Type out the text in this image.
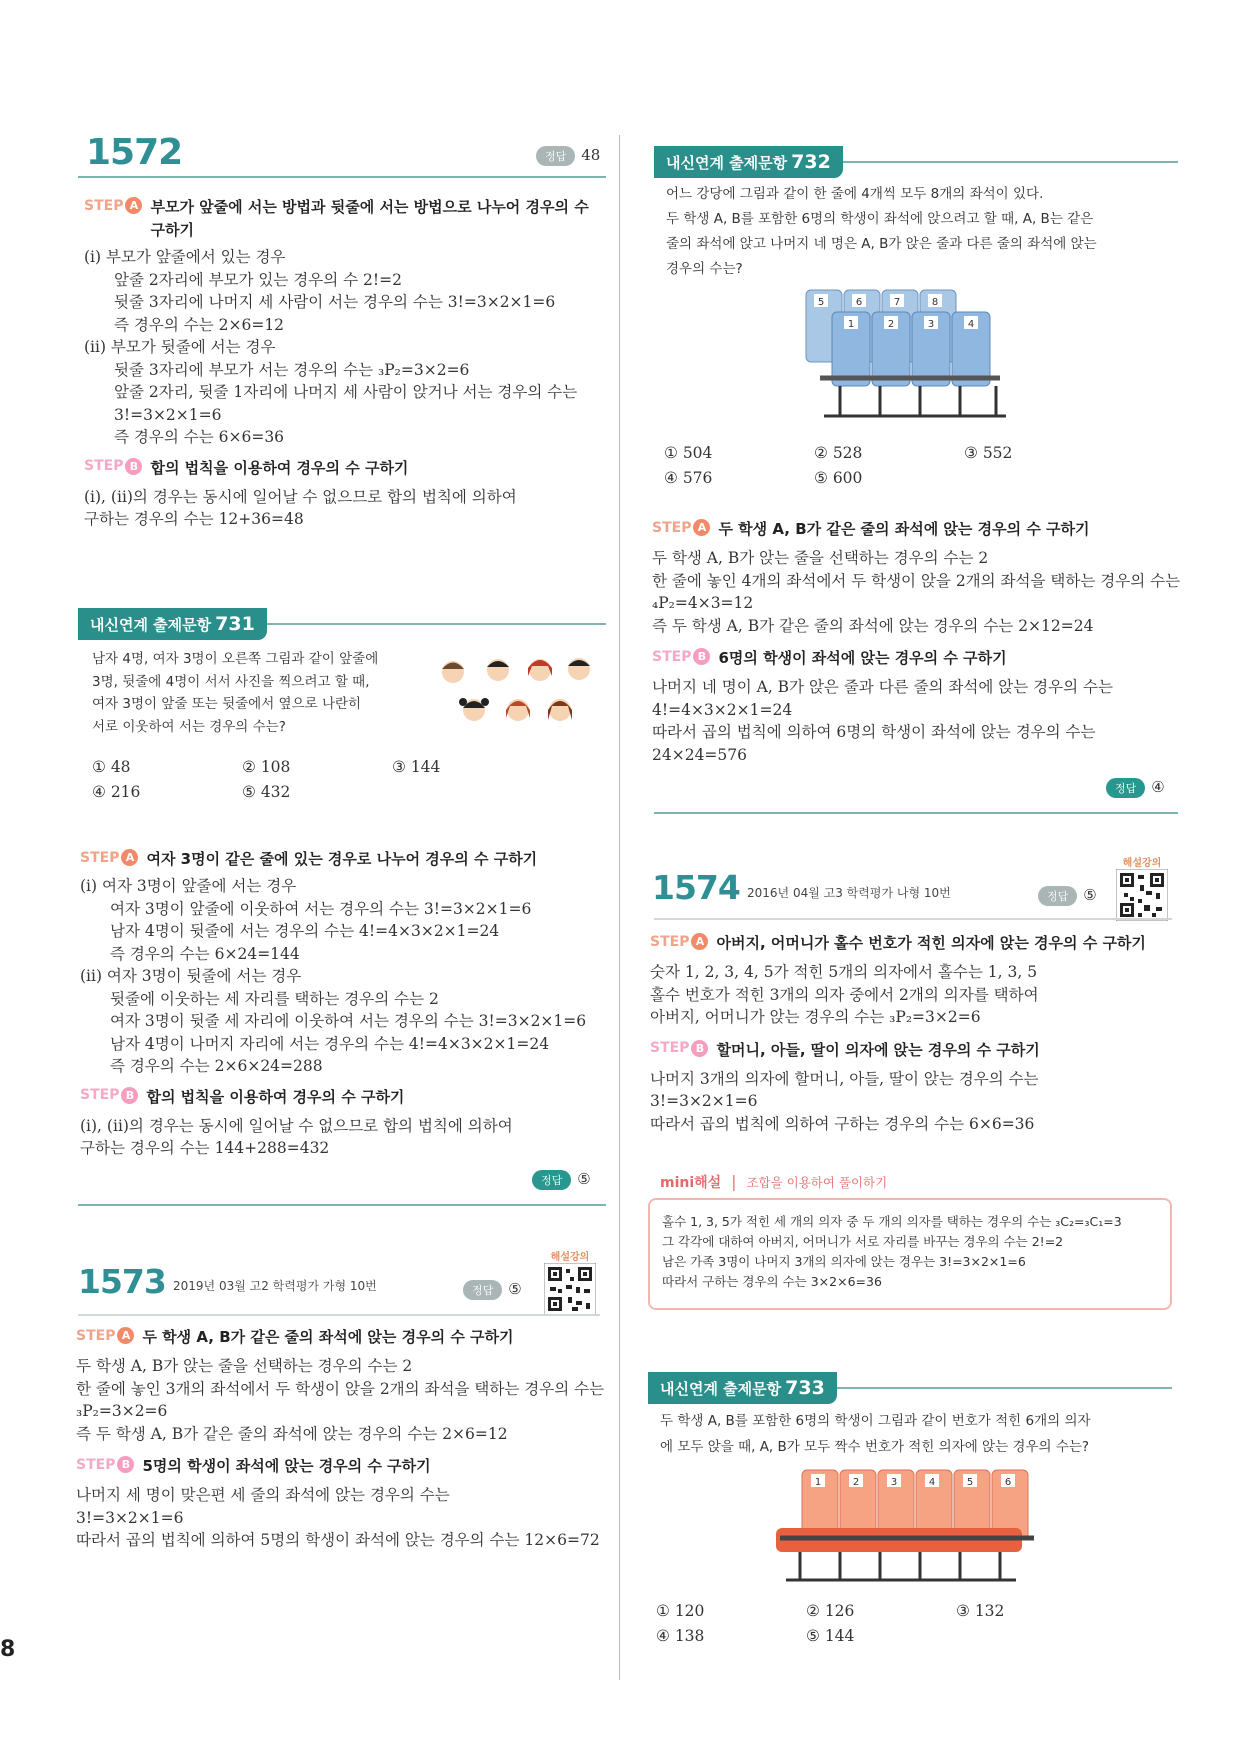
1572	정답 48
STEP A 부모가 앞줄에 서는 방법과 뒷줄에 서는 방법으로 나누어 경우의 수
구하기
(ⅰ) 부모가 앞줄에서 있는 경우
앞줄 2자리에 부모가 있는 경우의 수 2!=2
뒷줄 3자리에 나머지 세 사람이 서는 경우의 수는 3!=3×2×1=6
즉 경우의 수는 2×6=12
(ⅱ) 부모가 뒷줄에 서는 경우
뒷줄 3자리에 부모가 서는 경우의 수는 ₃P₂=3×2=6
앞줄 2자리, 뒷줄 1자리에 나머지 세 사람이 앉거나 서는 경우의 수는
3!=3×2×1=6
즉 경우의 수는 6×6=36
STEP B 합의 법칙을 이용하여 경우의 수 구하기
(ⅰ), (ⅱ)의 경우는 동시에 일어날 수 없으므로 합의 법칙에 의하여
구하는 경우의 수는 12+36=48
내신연계 출제문항 731
남자 4명, 여자 3명이 오른쪽 그림과 같이 앞줄에
3명, 뒷줄에 4명이 서서 사진을 찍으려고 할 때,
여자 3명이 앞줄 또는 뒷줄에서 옆으로 나란히
서로 이웃하여 서는 경우의 수는?
① 48	② 108	③ 144
④ 216	⑤ 432
STEP A 여자 3명이 같은 줄에 있는 경우로 나누어 경우의 수 구하기
(ⅰ) 여자 3명이 앞줄에 서는 경우
여자 3명이 앞줄에 이웃하여 서는 경우의 수는 3!=3×2×1=6
남자 4명이 뒷줄에 서는 경우의 수는 4!=4×3×2×1=24
즉 경우의 수는 6×24=144
(ⅱ) 여자 3명이 뒷줄에 서는 경우
뒷줄에 이웃하는 세 자리를 택하는 경우의 수는 2
여자 3명이 뒷줄 세 자리에 이웃하여 서는 경우의 수는 3!=3×2×1=6
남자 4명이 나머지 자리에 서는 경우의 수는 4!=4×3×2×1=24
즉 경우의 수는 2×6×24=288
STEP B 합의 법칙을 이용하여 경우의 수 구하기
(ⅰ), (ⅱ)의 경우는 동시에 일어날 수 없으므로 합의 법칙에 의하여
구하는 경우의 수는 144+288=432
정답 ⑤
1573 2019년 03월 고2 학력평가 가형 10번	정답 ⑤
해설강의
STEP A 두 학생 A, B가 같은 줄의 좌석에 앉는 경우의 수 구하기
두 학생 A, B가 앉는 줄을 선택하는 경우의 수는 2
한 줄에 놓인 3개의 좌석에서 두 학생이 앉을 2개의 좌석을 택하는 경우의 수는
₃P₂=3×2=6
즉 두 학생 A, B가 같은 줄의 좌석에 앉는 경우의 수는 2×6=12
STEP B 5명의 학생이 좌석에 앉는 경우의 수 구하기
나머지 세 명이 맞은편 세 줄의 좌석에 앉는 경우의 수는
3!=3×2×1=6
따라서 곱의 법칙에 의하여 5명의 학생이 좌석에 앉는 경우의 수는 12×6=72
8
내신연계 출제문항 732
어느 강당에 그림과 같이 한 줄에 4개씩 모두 8개의 좌석이 있다.
두 학생 A, B를 포함한 6명의 학생이 좌석에 앉으려고 할 때, A, B는 같은
줄의 좌석에 앉고 나머지 네 명은 A, B가 앉은 줄과 다른 줄의 좌석에 앉는
경우의 수는?
5	6	7	8
1	2	3	4
① 504	② 528	③ 552
④ 576	⑤ 600
STEP A 두 학생 A, B가 같은 줄의 좌석에 앉는 경우의 수 구하기
두 학생 A, B가 앉는 줄을 선택하는 경우의 수는 2
한 줄에 놓인 4개의 좌석에서 두 학생이 앉을 2개의 좌석을 택하는 경우의 수는
₄P₂=4×3=12
즉 두 학생 A, B가 같은 줄의 좌석에 앉는 경우의 수는 2×12=24
STEP B 6명의 학생이 좌석에 앉는 경우의 수 구하기
나머지 네 명이 A, B가 앉은 줄과 다른 줄의 좌석에 앉는 경우의 수는
4!=4×3×2×1=24
따라서 곱의 법칙에 의하여 6명의 학생이 좌석에 앉는 경우의 수는
24×24=576
정답 ④
1574 2016년 04월 고3 학력평가 나형 10번	정답 ⑤
해설강의
STEP A 아버지, 어머니가 홀수 번호가 적힌 의자에 앉는 경우의 수 구하기
숫자 1, 2, 3, 4, 5가 적힌 5개의 의자에서 홀수는 1, 3, 5
홀수 번호가 적힌 3개의 의자 중에서 2개의 의자를 택하여
아버지, 어머니가 앉는 경우의 수는 ₃P₂=3×2=6
STEP B 할머니, 아들, 딸이 의자에 앉는 경우의 수 구하기
나머지 3개의 의자에 할머니, 아들, 딸이 앉는 경우의 수는
3!=3×2×1=6
따라서 곱의 법칙에 의하여 구하는 경우의 수는 6×6=36
mini해설 | 조합을 이용하여 풀이하기
홀수 1, 3, 5가 적힌 세 개의 의자 중 두 개의 의자를 택하는 경우의 수는 ₃C₂=₃C₁=3
그 각각에 대하여 아버지, 어머니가 서로 자리를 바꾸는 경우의 수는 2!=2
남은 가족 3명이 나머지 3개의 의자에 앉는 경우는 3!=3×2×1=6
따라서 구하는 경우의 수는 3×2×6=36
내신연계 출제문항 733
두 학생 A, B를 포함한 6명의 학생이 그림과 같이 번호가 적힌 6개의 의자
에 모두 앉을 때, A, B가 모두 짝수 번호가 적힌 의자에 앉는 경우의 수는?
1	2	3	4	5	6
① 120	② 126	③ 132
④ 138	⑤ 144
